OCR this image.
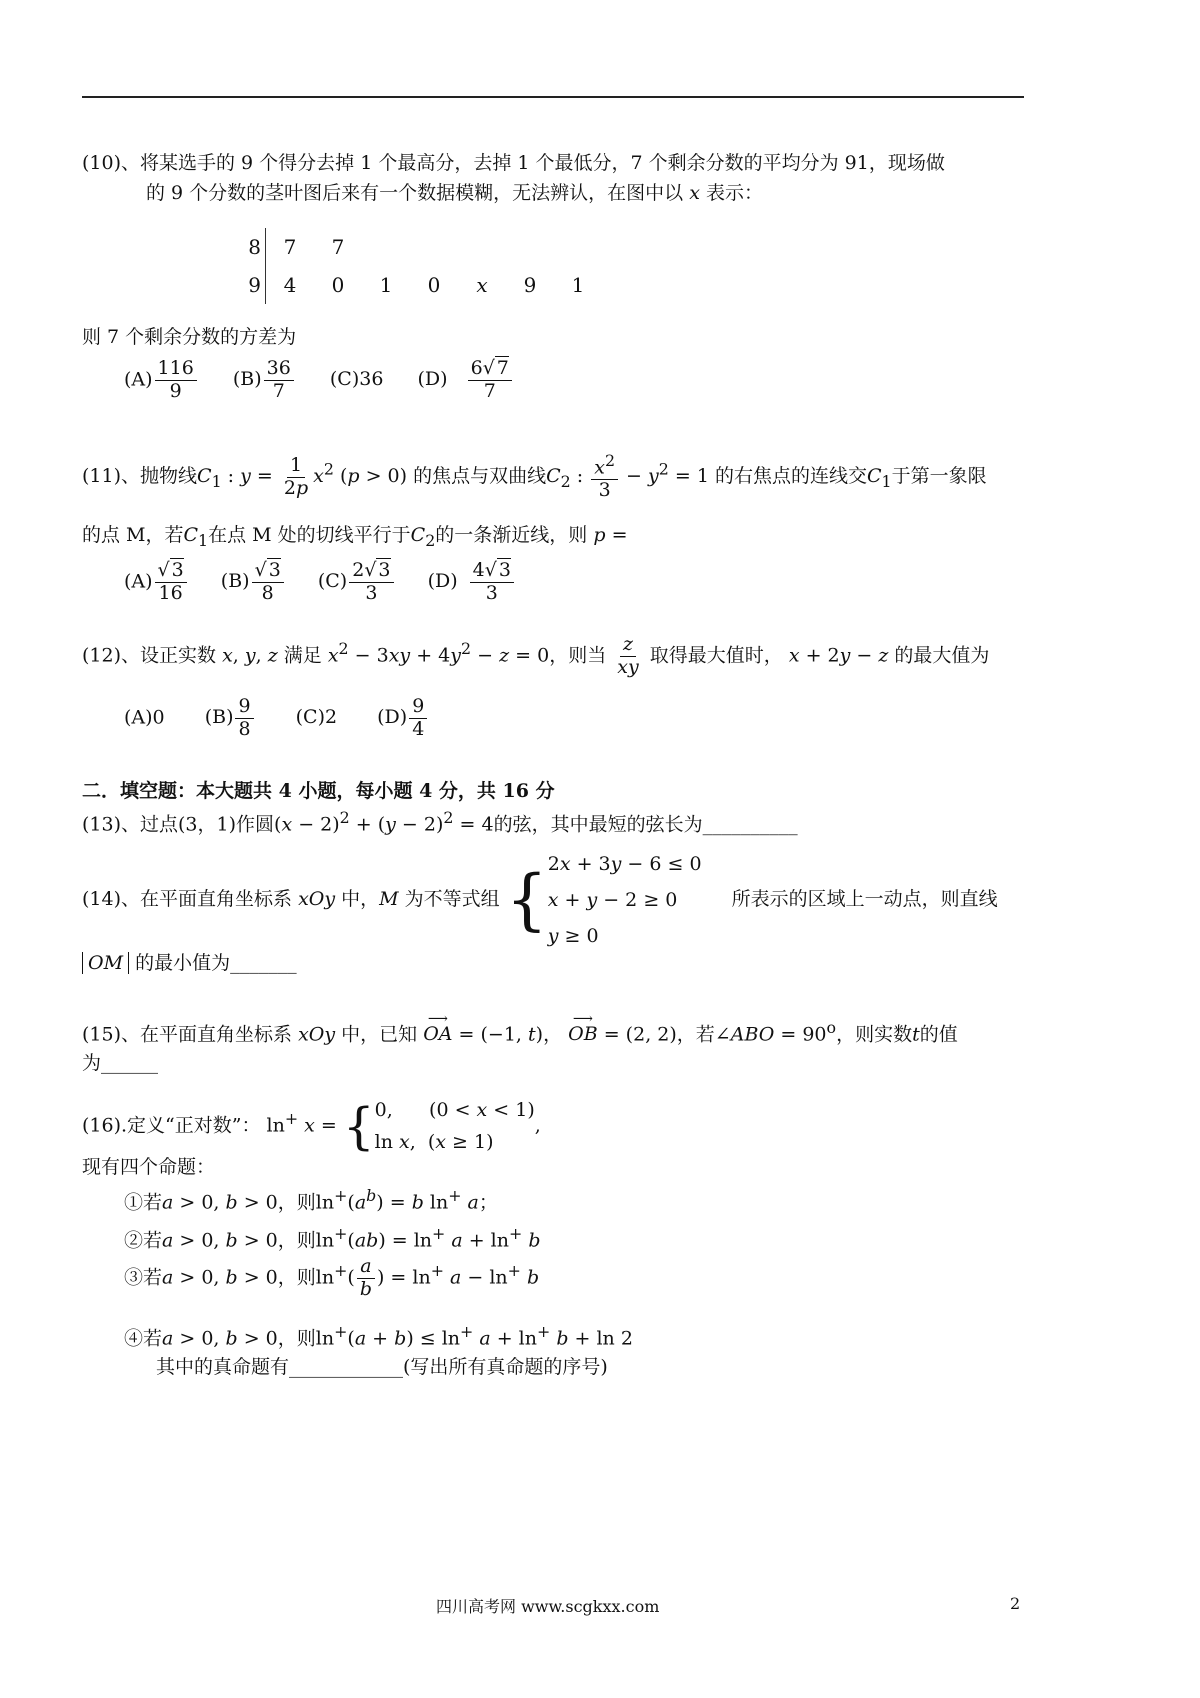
(10)、将某选手的 9 个得分去掉 1 个最高分，去掉 1 个最低分，7 个剩余分数的平均分为 91，现场做
的 9 个分数的茎叶图后来有一个数据模糊，无法辨认，在图中以 x 表示：
8	7	7					
9	4	0	1	0	x	9	1
则 7 个剩余分数的方差为
$(A) \frac{116}{9} (B) \frac{36}{7} (C)36$ $(D) \frac{6√ 7}{7}$
(11)、抛物线$C_1$ : $y = \frac{1}{2p} x^2$ (p > 0) 的焦点与双曲线$C_2$ : $\frac{x^2}{3} - y^2 = 1$ 的右焦点的连线交$C_1$于第一象限
的点 M，若$C_1$在点 M 处的切线平行于$C_2$的一条渐近线，则 p =
$(A) \frac{√ 3}{16} (B) \frac{√ 3}{8} (C) \frac{2√ 3}{3} (D) \frac{4√ 3}{3}$
(12)、设正实数 x, y, z 满足 $x^2 - 3xy + 4y^2 - z = 0$，则当 $\frac{z}{xy}$ 取得最大值时， x + 2y − z 的最大值为
(A)0 $(B) \frac{9}{8} (C)2$ $(D) \frac{9}{4}$
二．填空题：本大题共 4 小题，每小题 4 分，共 16 分
(13)、过点(3，1)作圆$(x - 2)^2 + (y - 2)^2 = 4$的弦，其中最短的弦长为__________
(14)、在平面直角坐标系 xOy 中，M 为不等式组 { 2x + 3y − 6 ≤ 0
x + y − 2 ≥ 0
y ≥ 0
所表示的区域上一动点，则直线
OM 的最小值为_______
(15)、在平面直角坐标系 xOy 中，已知
⟶
OA = (−1, t)，
⟶
OB = (2, 2)，若∠ABO = $90^o$，则实数t的值
为______
(16).定义“正对数”： ln+ x = { 0,      (0 < x < 1)
ln x,  (x ≥ 1)
,
现有四个命题：
①若a > 0, b > 0，则$\ln^+(a^b) = b$ ln+ a；
②若a > 0, b > 0，则ln+(ab) = ln+ a + ln+ b
③若a > 0, b > 0，则$\ln^+( \frac{a}{b}$ ) = ln+ a − ln+ b
④若a > 0, b > 0，则ln+(a + b) ≤ ln+ a + ln+ b + ln 2
其中的真命题有____________(写出所有真命题的序号)
四川高考网 www.scgkxx.com	2
